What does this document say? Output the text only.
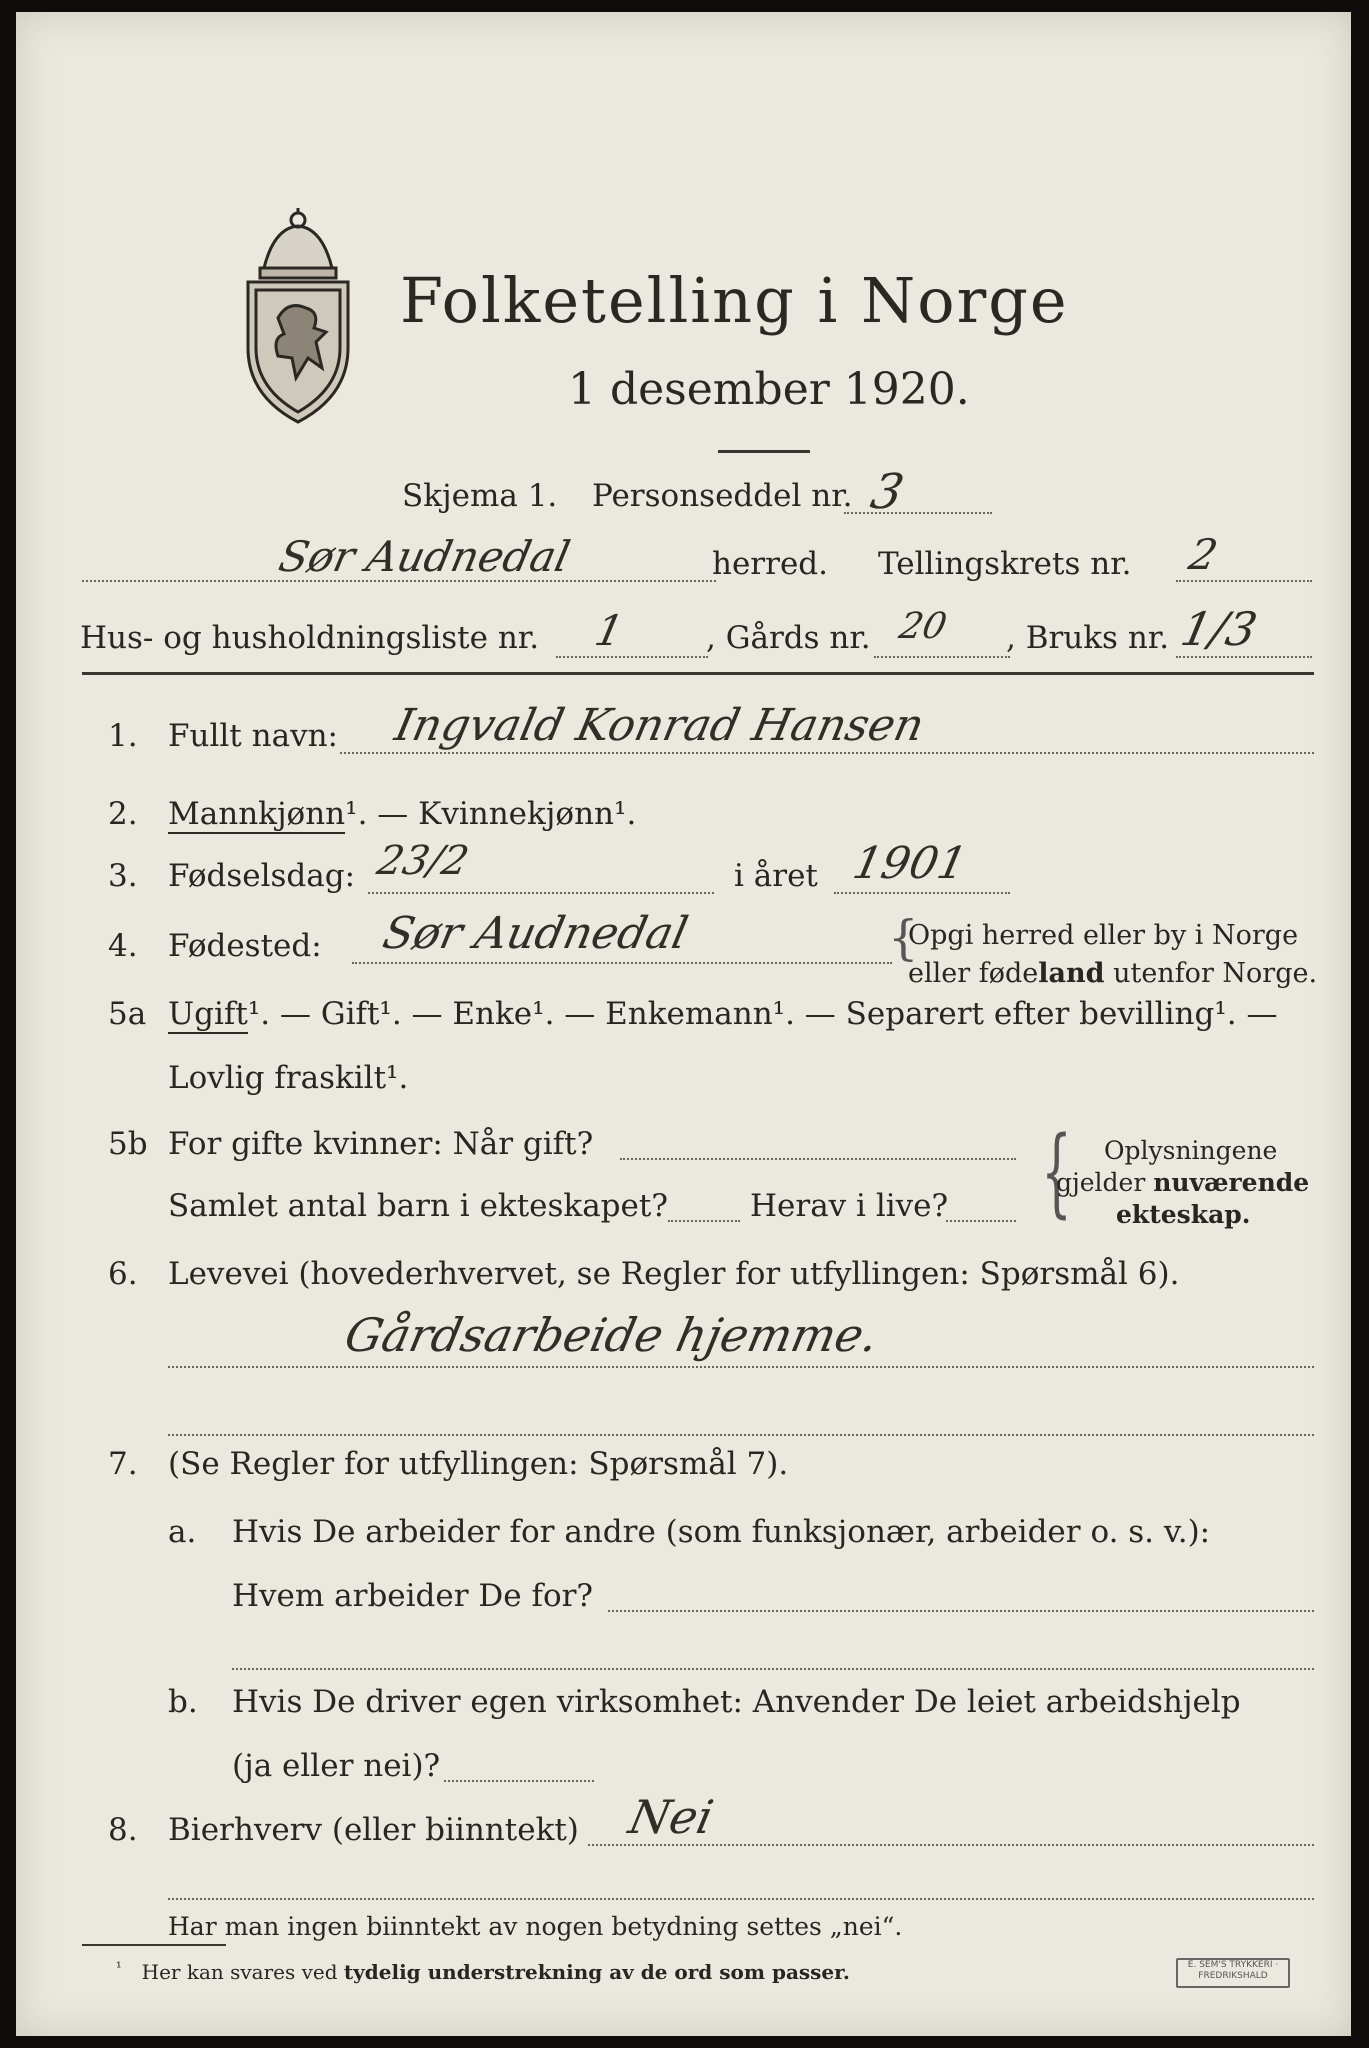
Folketelling i Norge
1 desember 1920.
Skjema 1. Personseddel nr. 3
Sør Audnedal	herred. Tellingskrets nr. 2
Hus- og husholdningsliste nr. 1	, Gårds nr. 20 , Bruks nr. 1/3
1. Fullt navn: Ingvald Konrad Hansen
2. Mannkjønn¹. — Kvinnekjønn¹.
3. Fødselsdag: 23/2	i året 1901
4. Fødested: Sør Audnedal	{
Opgi herred eller by i Norge
eller fødeland utenfor Norge.
5a Ugift¹. — Gift¹. — Enke¹. — Enkemann¹. — Separert efter bevilling¹. —
Lovlig fraskilt¹.
5b For gifte kvinner: Når gift?
Samlet antal barn i ekteskapet?	Herav i live? { Oplysningene
gjelder nuværende
ekteskap.
6. Levevei (hovederhvervet, se Regler for utfyllingen: Spørsmål 6).
Gårdsarbeide hjemme.
7. (Se Regler for utfyllingen: Spørsmål 7).
a. Hvis De arbeider for andre (som funksjonær, arbeider o. s. v.):
Hvem arbeider De for?
b. Hvis De driver egen virksomhet: Anvender De leiet arbeidshjelp
(ja eller nei)?
8. Bierhverv (eller biinntekt) Nei
Har man ingen biinntekt av nogen betydning settes „nei“.
$^{^1}$ Her kan svares ved tydelig understrekning av de ord som passer.	E. SEM'S TRYKKERI · FREDRIKSHALD
